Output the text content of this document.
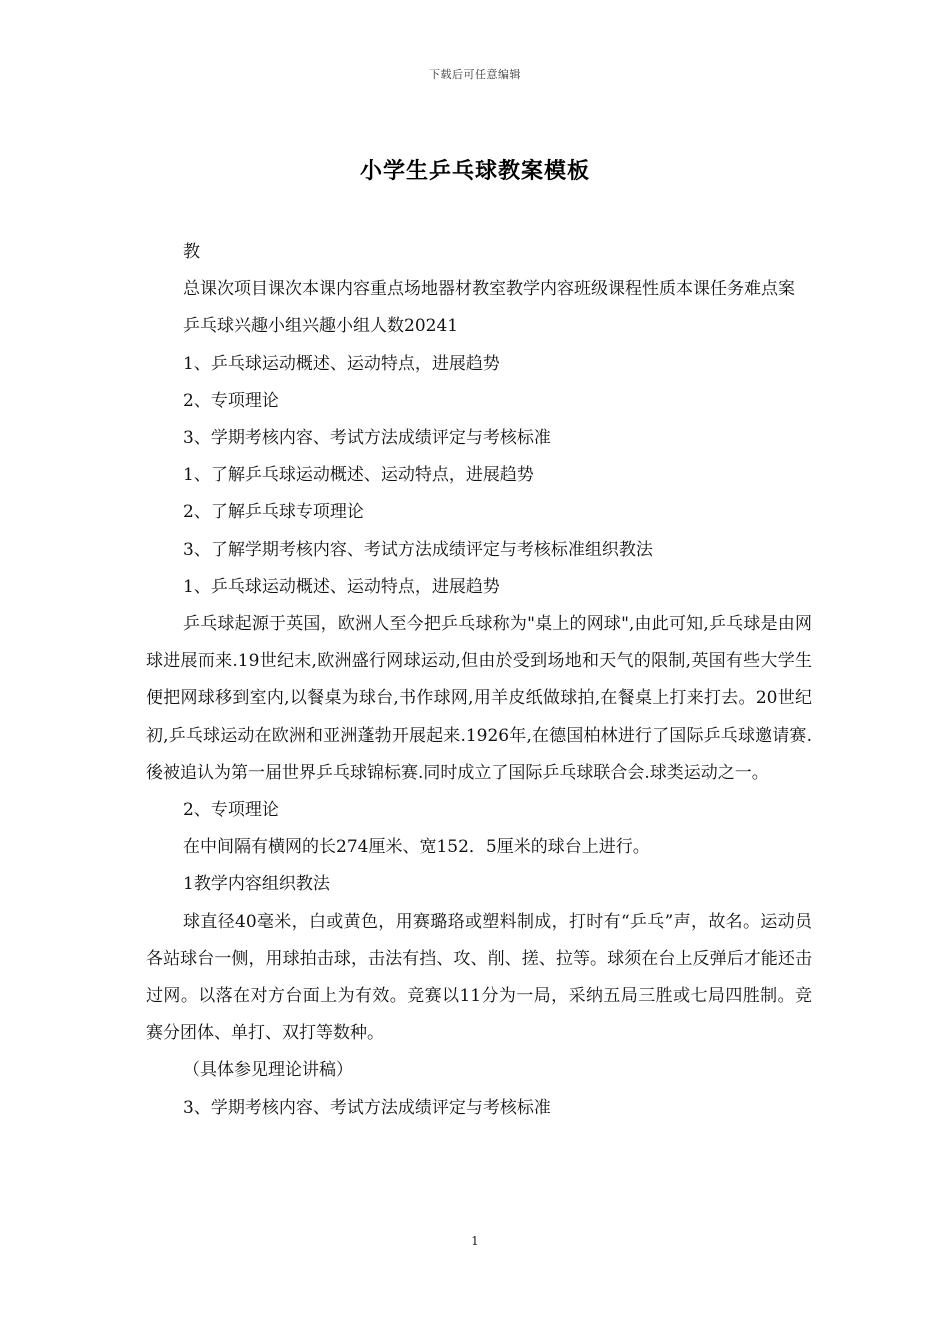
下载后可任意编辑
小学生乒乓球教案模板

教

总课次项目课次本课内容重点场地器材教室教学内容班级课程性质本课任务难点案

乒乓球兴趣小组兴趣小组人数20241

1、乒乓球运动概述、运动特点，进展趋势

2、专项理论

3、学期考核内容、考试方法成绩评定与考核标准

1、了解乒乓球运动概述、运动特点，进展趋势

2、了解乒乓球专项理论

3、了解学期考核内容、考试方法成绩评定与考核标准组织教法

1、乒乓球运动概述、运动特点，进展趋势

乒乓球起源于英国，欧洲人至今把乒乓球称为"桌上的网球",由此可知,乒乓球是由网球进展而来.19世纪末,欧洲盛行网球运动,但由於受到场地和天气的限制,英国有些大学生便把网球移到室内,以餐桌为球台,书作球网,用羊皮纸做球拍,在餐桌上打来打去。20世纪初,乒乓球运动在欧洲和亚洲蓬勃开展起来.1926年,在德国柏林进行了国际乒乓球邀请赛.後被追认为第一届世界乒乓球锦标赛.同时成立了国际乒乓球联合会.球类运动之一。

2、专项理论

在中间隔有横网的长274厘米、宽152．5厘米的球台上进行。

1教学内容组织教法

球直径40毫米，白或黄色，用赛璐珞或塑料制成，打时有“乒乓”声，故名。运动员各站球台一侧，用球拍击球，击法有挡、攻、削、搓、拉等。球须在台上反弹后才能还击过网。以落在对方台面上为有效。竞赛以11分为一局，采纳五局三胜或七局四胜制。竞赛分团体、单打、双打等数种。

（具体参见理论讲稿）

3、学期考核内容、考试方法成绩评定与考核标准

1
